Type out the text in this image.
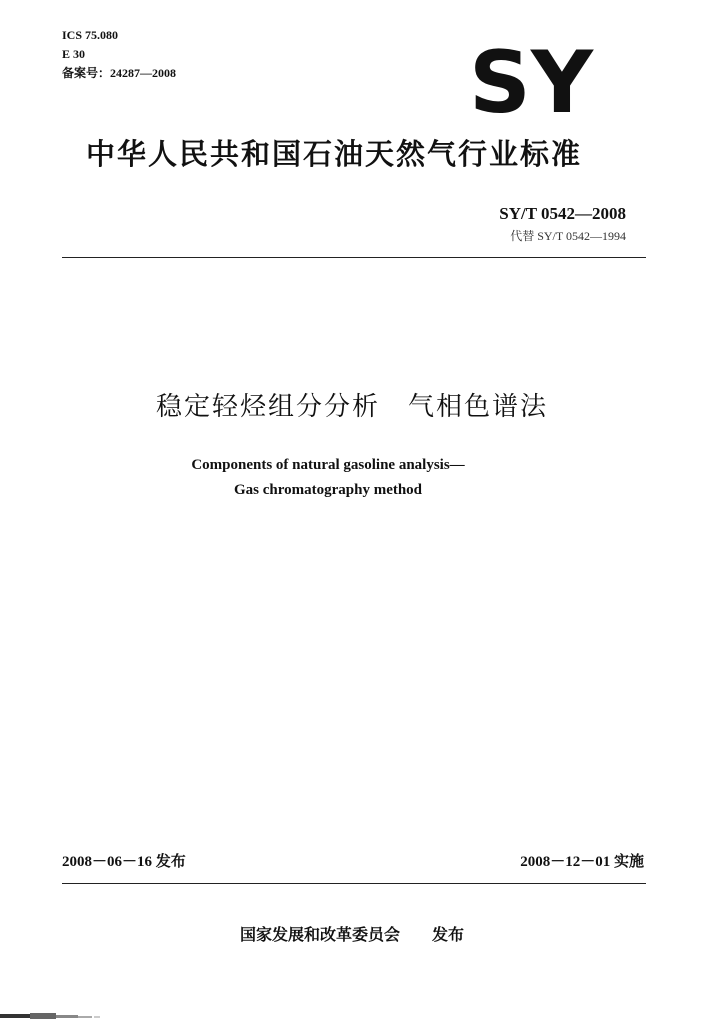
ICS 75.080
E 30
备案号：24287—2008	SY
中华人民共和国石油天然气行业标准
SY/T 0542—2008
代替 SY/T 0542—1994
稳定轻烃组分分析　气相色谱法
Components of natural gasoline analysis—
Gas chromatography method
2008－06－16 发布	2008－12－01 实施
国家发展和改革委员会　　发布
